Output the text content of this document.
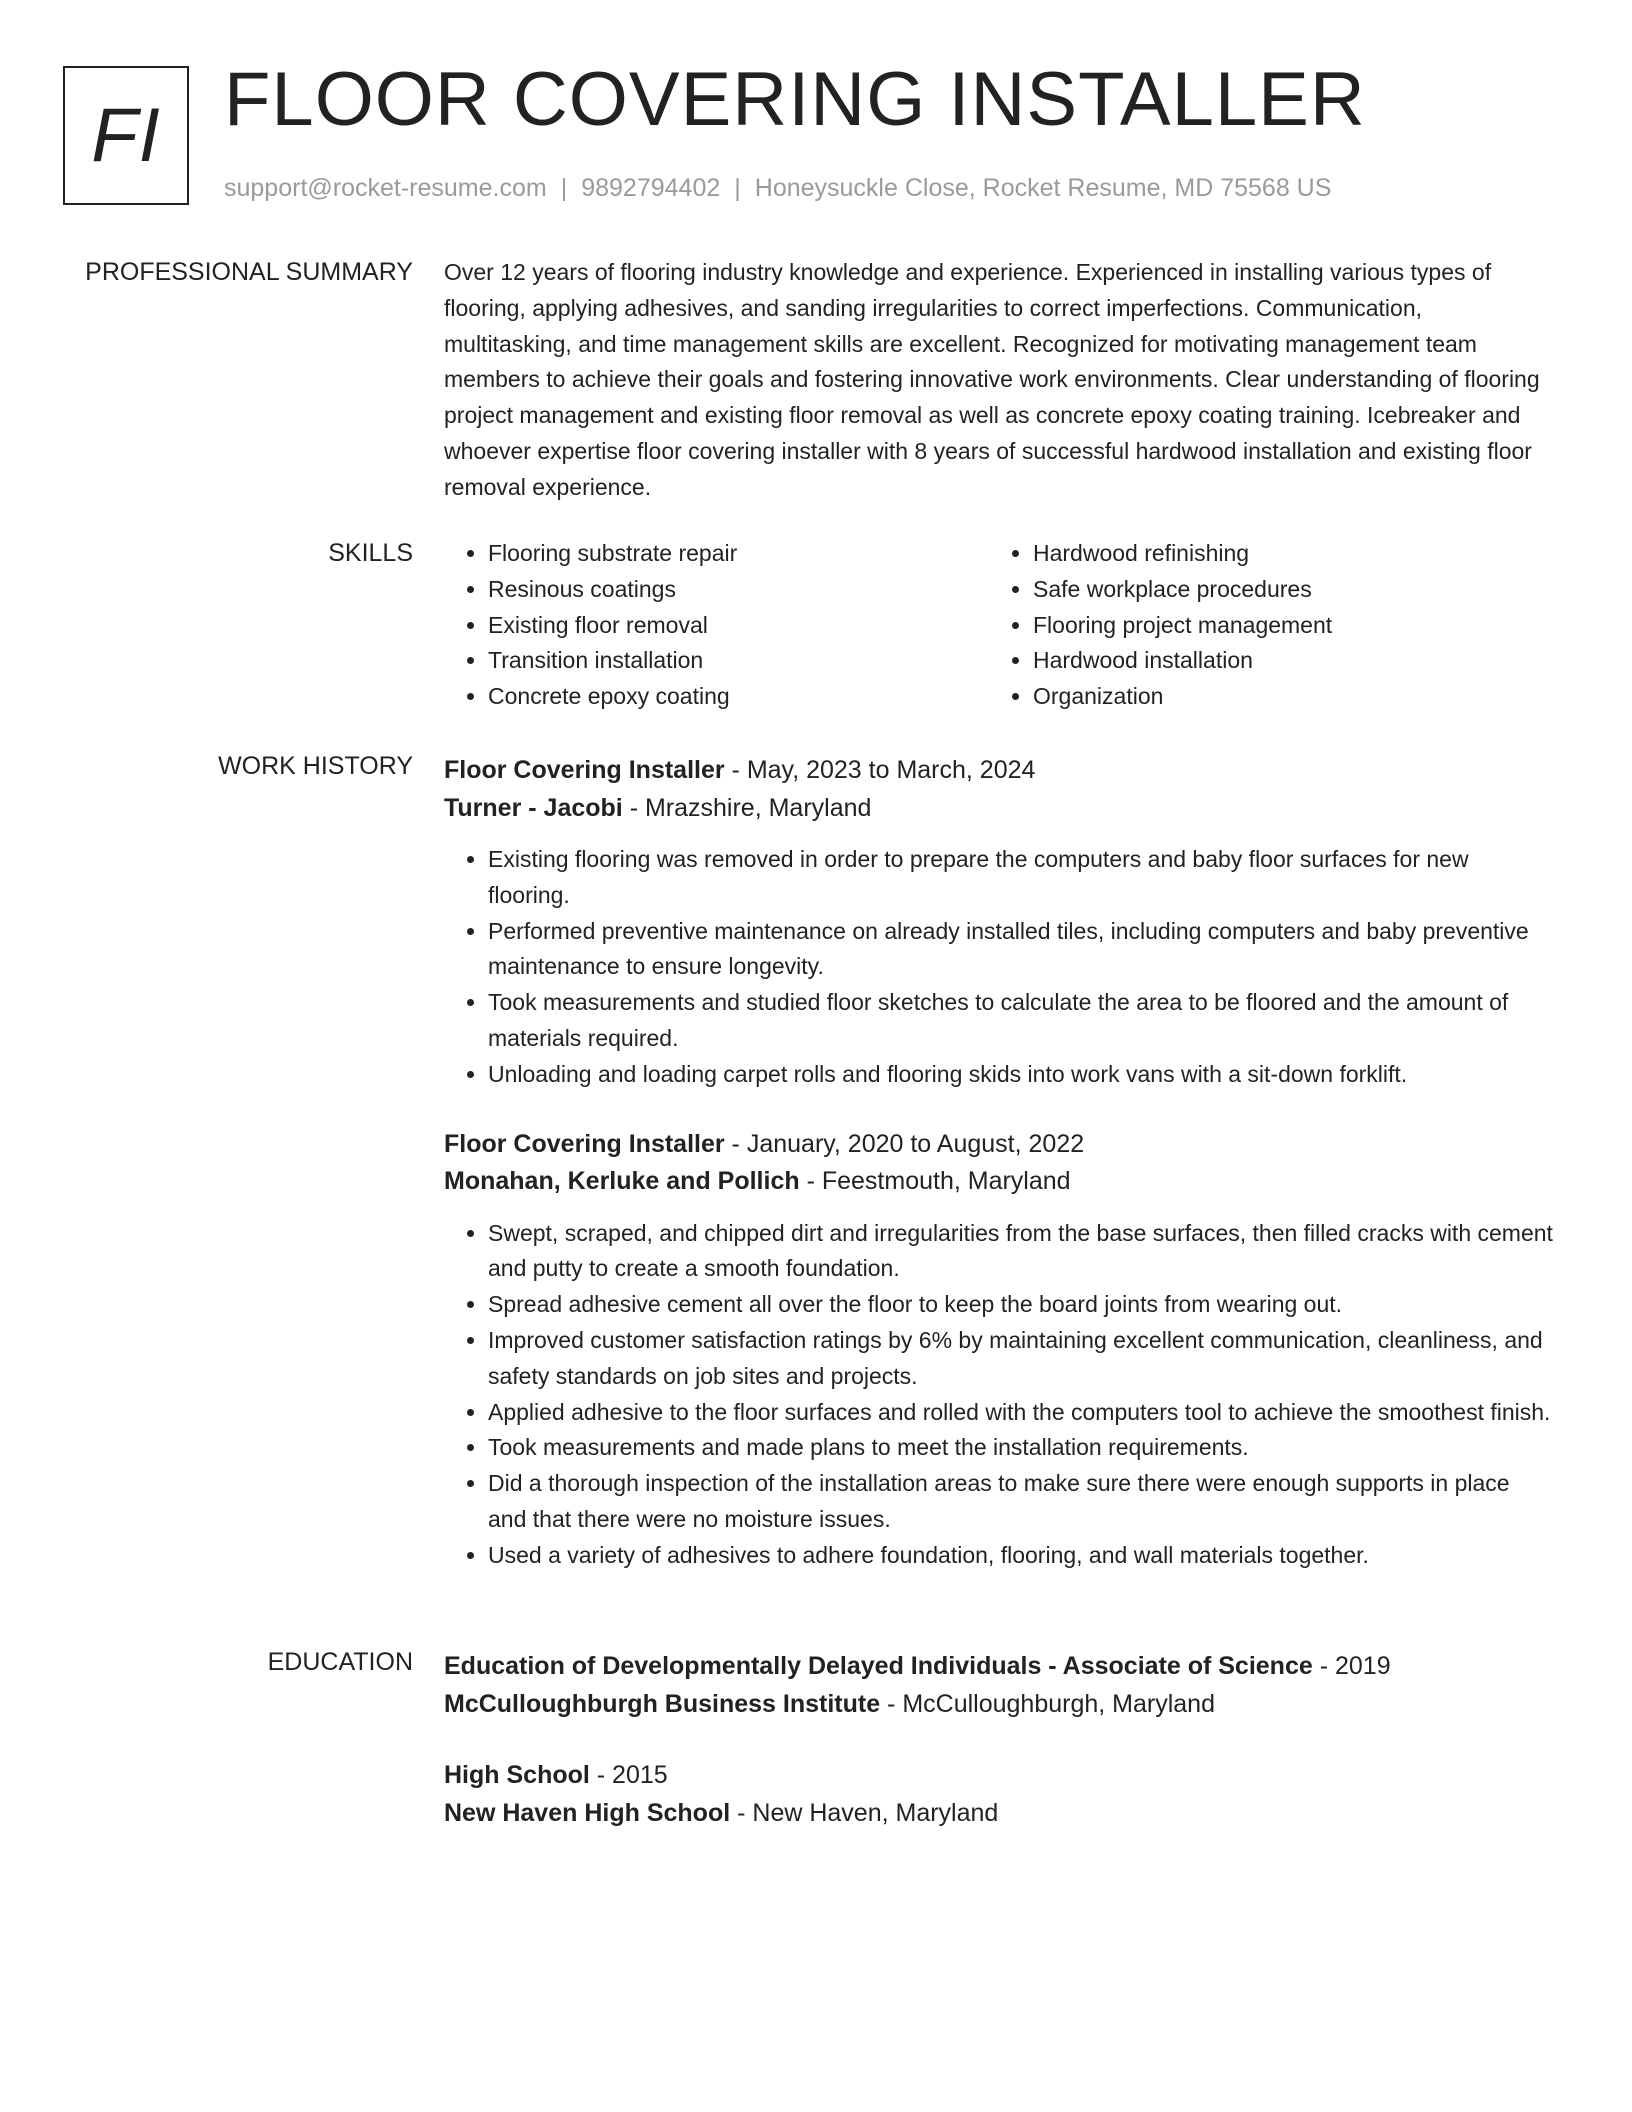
FI FLOOR COVERING INSTALLER
support@rocket-resume.com | 9892794402 | Honeysuckle Close, Rocket Resume, MD 75568 US
PROFESSIONAL SUMMARY Over 12 years of flooring industry knowledge and experience. Experienced in installing various types of flooring, applying adhesives, and sanding irregularities to correct imperfections. Communication, multitasking, and time management skills are excellent. Recognized for motivating management team members to achieve their goals and fostering innovative work environments. Clear understanding of flooring project management and existing floor removal as well as concrete epoxy coating training. Icebreaker and whoever expertise floor covering installer with 8 years of successful hardwood installation and existing floor removal experience.

SKILLS
•	Flooring substrate repair
• Resinous coatings
• Existing floor removal
• Transition installation
• Concrete epoxy coating
• Hardwood refinishing
• Safe workplace procedures
• Flooring project management
• Hardwood installation
• Organization
WORK HISTORY Floor Covering Installer - May, 2023 to March, 2024
Turner - Jacobi - Mrazshire, Maryland
• Existing flooring was removed in order to prepare the computers and baby floor surfaces for new flooring.
• Performed preventive maintenance on already installed tiles, including computers and baby preventive maintenance to ensure longevity.
• Took measurements and studied floor sketches to calculate the area to be floored and the amount of materials required.
• Unloading and loading carpet rolls and flooring skids into work vans with a sit-down forklift.
Floor Covering Installer - January, 2020 to August, 2022
Monahan, Kerluke and Pollich - Feestmouth, Maryland
• Swept, scraped, and chipped dirt and irregularities from the base surfaces, then filled cracks with cement and putty to create a smooth foundation.
• Spread adhesive cement all over the floor to keep the board joints from wearing out.
• Improved customer satisfaction ratings by 6% by maintaining excellent communication, cleanliness, and safety standards on job sites and projects.
• Applied adhesive to the floor surfaces and rolled with the computers tool to achieve the smoothest finish.
• Took measurements and made plans to meet the installation requirements.
• Did a thorough inspection of the installation areas to make sure there were enough supports in place and that there were no moisture issues.
• Used a variety of adhesives to adhere foundation, flooring, and wall materials together.
EDUCATION Education of Developmentally Delayed Individuals - Associate of Science - 2019
McCulloughburgh Business Institute - McCulloughburgh, Maryland
High School - 2015
New Haven High School - New Haven, Maryland
